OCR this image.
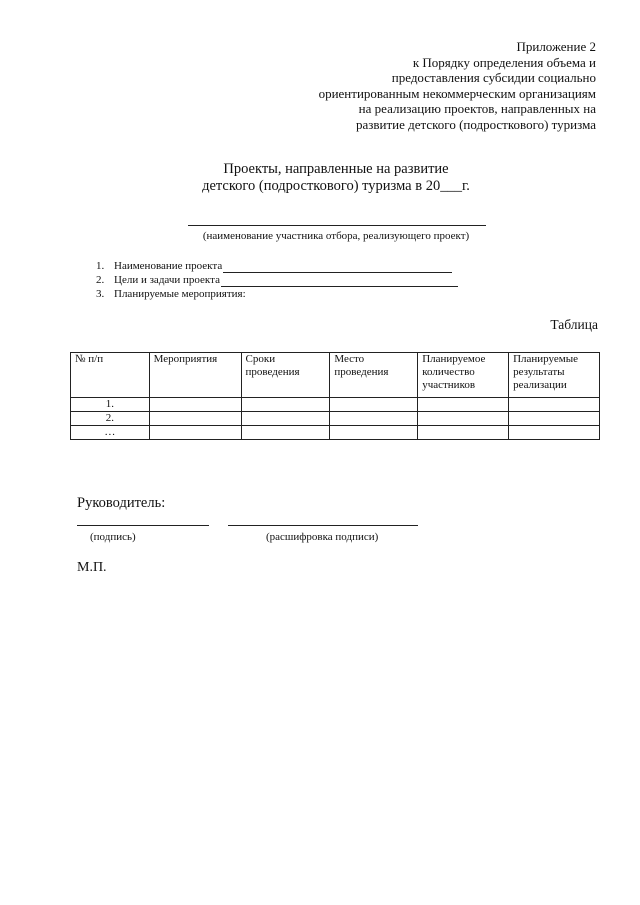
Приложение 2
к Порядку определения объема и
предоставления субсидии социально
ориентированным некоммерческим организациям
на реализацию проектов, направленных на
развитие детского (подросткового) туризма
Проекты, направленные на развитие
детского (подросткового) туризма в 20___г.
(наименование участника отбора, реализующего проект)
1. Наименование проекта
2. Цели и задачи проекта
3. Планируемые мероприятия:
Таблица
№ п/п	Мероприятия	Сроки проведения	Место проведения	Планируемое количество участников	Планируемые результаты реализации
1.					
2.					
…					
Руководитель:
(подпись)	(расшифровка подписи)
М.П.
